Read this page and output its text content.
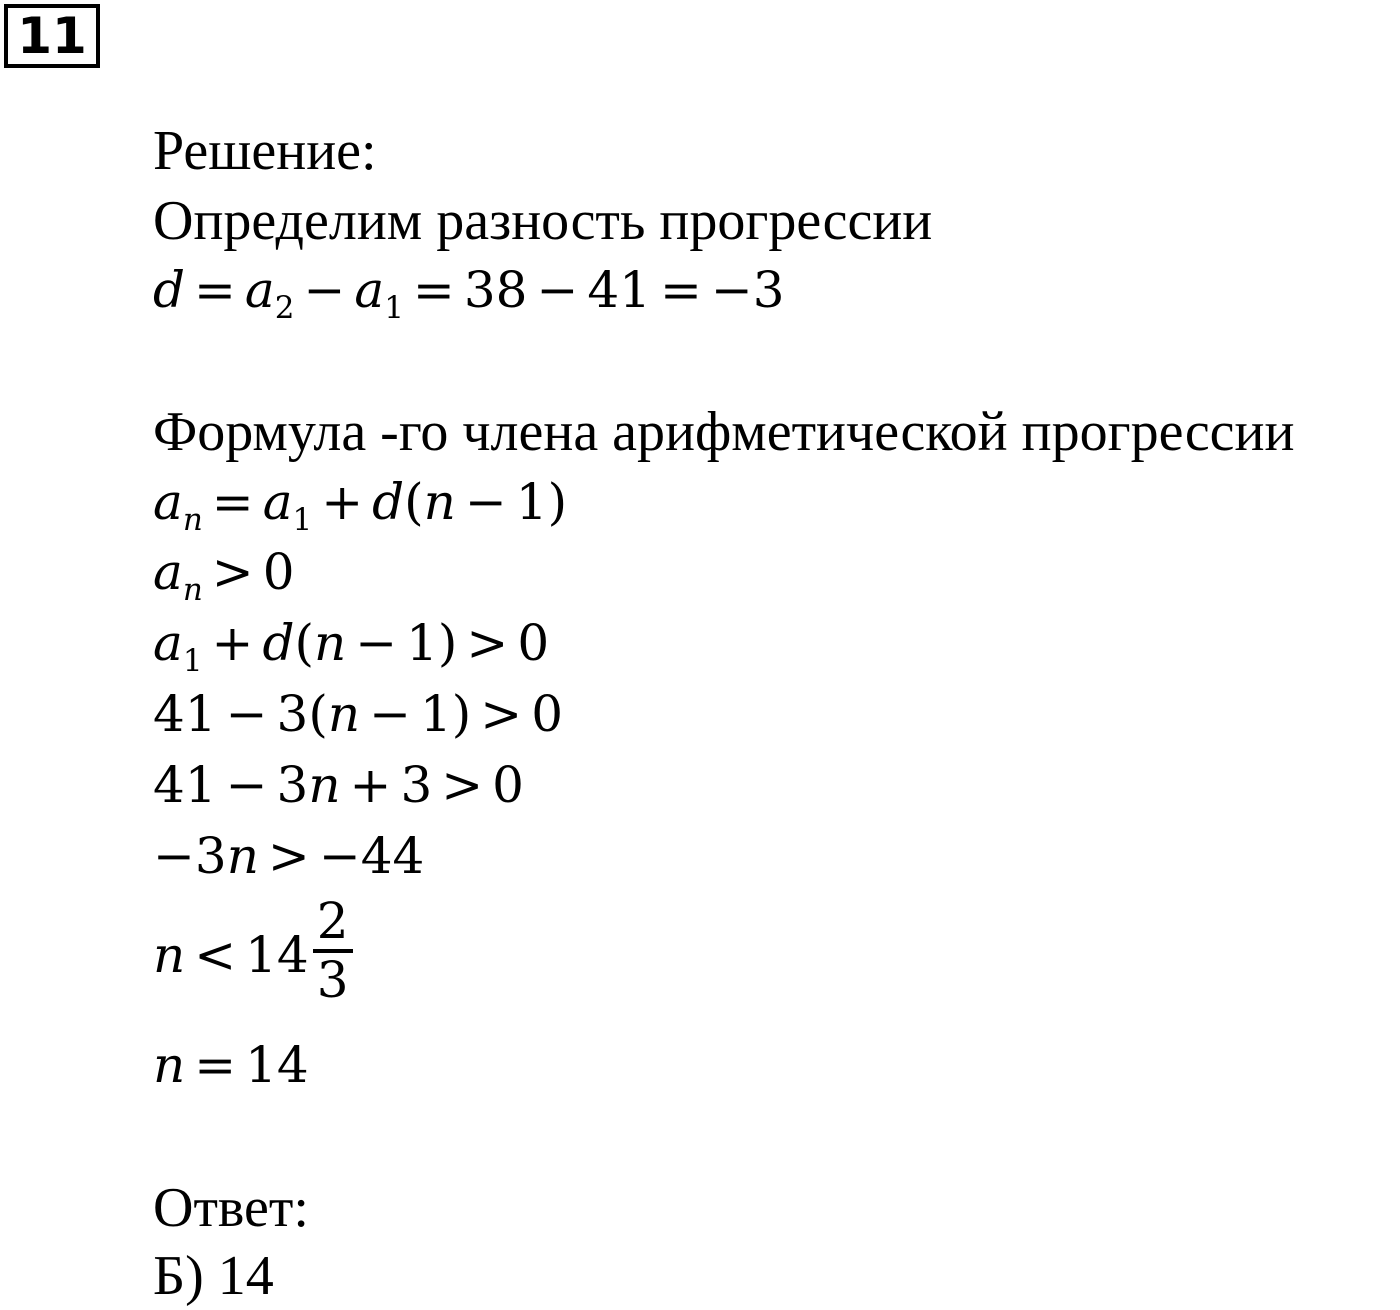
11
Решение:
Определим разность прогрессии
$d = a_2 - a_1 = 38 - 41 = -3$
Формула -го члена арифметической прогрессии
$a_n = a_1 + d(n - 1)$
$a_n > 0$
$a_1 + d(n - 1) > 0$
41 − 3(n − 1) > 0
41 − 3n + 3 > 0
−3n > −44
$n < 14 \frac{2}{3}$
n = 14
Ответ:
Б) 14
